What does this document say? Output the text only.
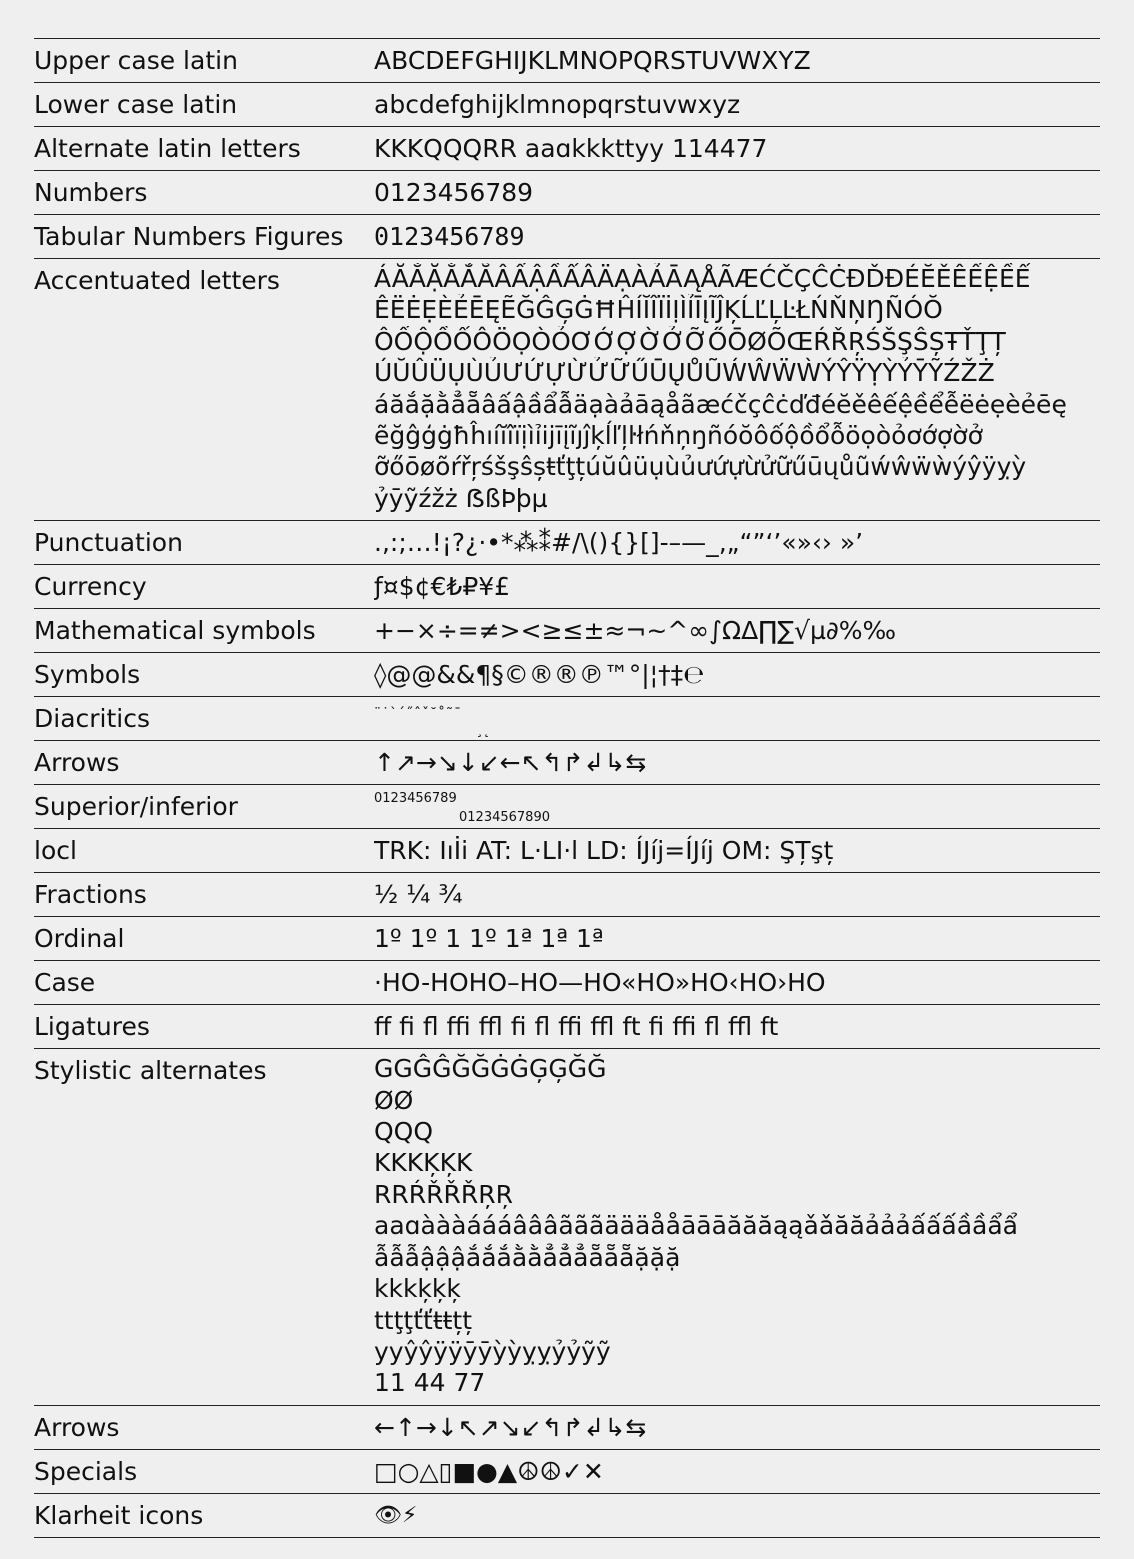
Upper case latin	ABCDEFGHIJKLMNOPQRSTUVWXYZ
Lower case latin	abcdefghijklmnopqrstuvwxyz
Alternate latin letters	KKKQQQRR aaɑkkkttyy 114477
Numbers	0123456789
Tabular Numbers Figures	0123456789
Accentuated letters	ÁĂẮẶẰẲẴÂẤẬẦẨẪÄẠÀẢĀĄÅÃÆĆČÇĈĊĐĎĐÉĔĚÊẾỆỀỂ
ỄËĖẸÈẺĒĘẼĞĜĢĠĦĤÍĬÎÏİỊÌỈĪĮĨĴĶĹĽĻĿŁŃŇŅŊÑÓŎ
ÔỐỘỒỔỖÖỌÒỎƠỚỢỜỞỠŐŌØÕŒŔŘŖŚŠŞŜȘŦŤŢȚ
ÚŬÛÜỤÙỦƯỨỰỪỬỮŰŪŲŮŨẂŴẄẀÝŶŸỴỲỶȲỸŹŽŻ
áăắặằẳẵâấậầẩẫäạàảāąåãæćčçĉċďđéĕěêếệềểễëėẹèẻēę
ẽğĝģġħĥıíĭîïịìỉĳīįĩȷĵķĺľļŀłńňņŋñóŏôốộồổỗöọòỏơớợờở
ỡőōøõŕřŗśšşŝșŧťţțúŭûüụùủưứựừửữűūųůũẃŵẅẁýŷÿỵỳ
ỷȳỹźžż ẞßÞþµ
Punctuation	.,:;…!¡?¿·•*⁂⁑#/\(){}[]-–—_‚„“”‘’«»‹› »’
Currency	ƒ¤$¢€₺₽¥£
Mathematical symbols	+−×÷=≠><≥≤±≈¬~^∞∫ΩΔ∏∑√µ∂%‰
Symbols	◊@@&&¶§©®®℗™°|¦†‡℮
Diacritics	¨˙`´˝ˆˇ˘˚˜¯
¸˛
Arrows	↑↗→↘↓↙←↖↰↱↲↳⇆
Superior/inferior	0123456789
01234567890
locl	TRK: Iıİi AT: L·LI·l LD: ÍJíj=ÍJíj OM: ŞȚşț
Fractions	½ ¼ ¾
Ordinal	1º 1º 1 1º 1ª 1ª 1ª
Case	·HO-HOHO–HO—HO«HO»HO‹HO›HO
Ligatures	ff fi fl ffi ffl fi fl ffi ffl ft fi ffi fl ffl ft
Stylistic alternates	GGĜĜĞĞĠĠĢĢĞĞ
ØØ
QQQ
KKKĶĶK
RRŔŘŘŘŖŖ
aaɑàààáááâââãããäääååāāāăăăąąǎǎăăảảảấấấầầẩẩ
ẫẫẫậậậắắắằằẳẳẳẵẵẵặặặ
kkkķķķ
ttţţťťŧŧțț
yyŷŷÿÿȳȳỳỳỵỵỷỷỹỹ
11 44 77
Arrows	←↑→↓↖↗↘↙↰↱↲↳⇆
Specials	□○△▯■●▲☮☮✓✕
Klarheit icons	👁⚡
